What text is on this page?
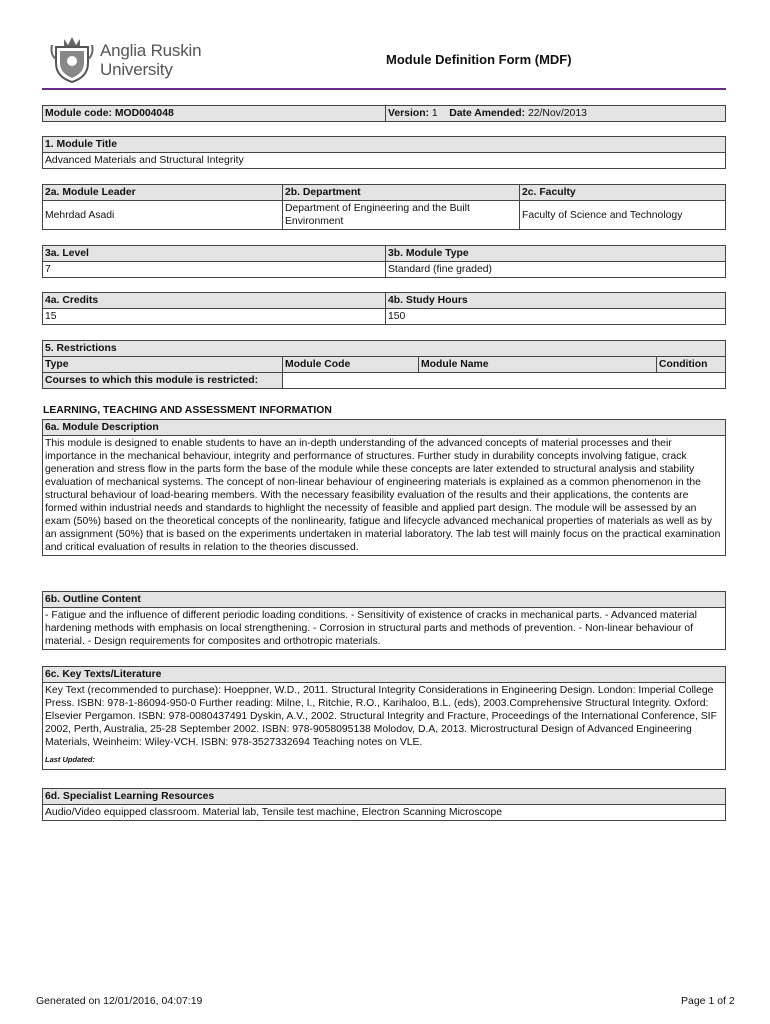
Anglia Ruskin
University
Module Definition Form (MDF)
Module code: MOD004048	Version: 1 Date Amended: 22/Nov/2013
1. Module Title
Advanced Materials and Structural Integrity
2a. Module Leader	2b. Department	2c. Faculty
Mehrdad Asadi	Department of Engineering and the Built Environment	Faculty of Science and Technology
3a. Level	3b. Module Type
7	Standard (fine graded)
4a. Credits	4b. Study Hours
15	150
5. Restrictions			
Type	Module Code	Module Name	Condition
Courses to which this module is restricted:			
LEARNING, TEACHING AND ASSESSMENT INFORMATION
6a. Module Description
This module is designed to enable students to have an in-depth understanding of the advanced concepts of material processes and their importance in the mechanical behaviour, integrity and performance of structures. Further study in durability concepts involving fatigue, crack generation and stress flow in the parts form the base of the module while these concepts are later extended to structural analysis and stability evaluation of mechanical systems. The concept of non-linear behaviour of engineering materials is explained as a common phenomenon in the structural behaviour of load-bearing members. With the necessary feasibility evaluation of the results and their applications, the contents are formed within industrial needs and standards to highlight the necessity of feasible and applied part design. The module will be assessed by an exam (50%) based on the theoretical concepts of the nonlinearity, fatigue and lifecycle advanced mechanical properties of materials as well as by an assignment (50%) that is based on the experiments undertaken in material laboratory. The lab test will mainly focus on the practical examination and critical evaluation of results in relation to the theories discussed.
6b. Outline Content
- Fatigue and the influence of different periodic loading conditions. - Sensitivity of existence of cracks in mechanical parts. - Advanced material hardening methods with emphasis on local strengthening. - Corrosion in structural parts and methods of prevention. - Non-linear behaviour of material. - Design requirements for composites and orthotropic materials.
6c. Key Texts/Literature

Key Text (recommended to purchase): Hoeppner, W.D., 2011. Structural Integrity Considerations in Engineering Design. London: Imperial College Press. ISBN: 978-1-86094-950-0 Further reading: Milne, I., Ritchie, R.O., Karihaloo, B.L. (eds), 2003.Comprehensive Structural Integrity. Oxford: Elsevier Pergamon. ISBN: 978-0080437491 Dyskin, A.V., 2002. Structural Integrity and Fracture, Proceedings of the International Conference, SIF 2002, Perth, Australia, 25-28 September 2002. ISBN: 978-9058095138 Molodov, D.A, 2013. Microstructural Design of Advanced Engineering Materials, Weinheim: Wiley-VCH. ISBN: 978-3527332694 Teaching notes on VLE.
Last Updated:
6d. Specialist Learning Resources
Audio/Video equipped classroom. Material lab, Tensile test machine, Electron Scanning Microscope
Generated on 12/01/2016, 04:07:19	Page 1 of 2
